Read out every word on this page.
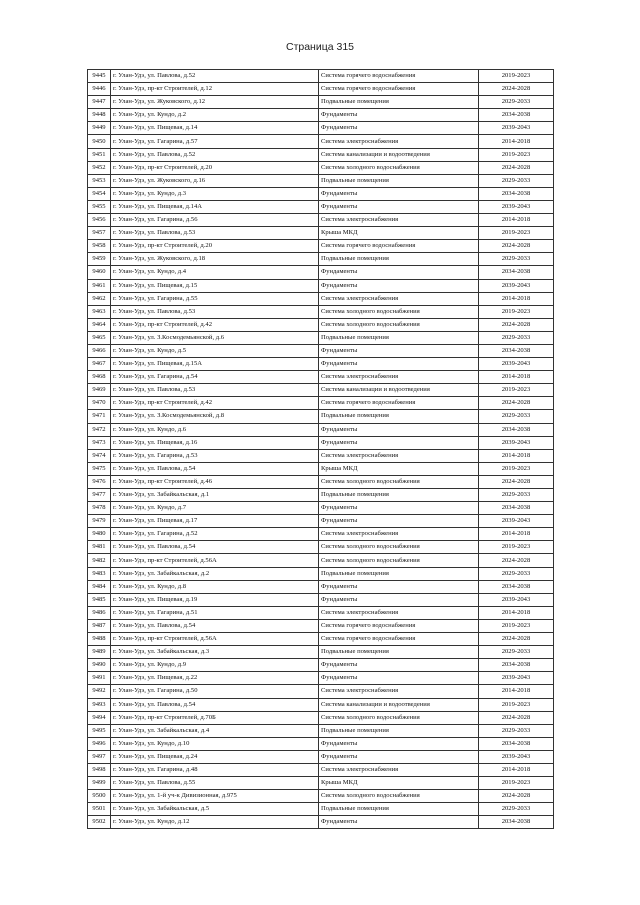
Страница 315
9445	г. Улан-Удэ, ул. Павлова, д.52	Система горячего водоснабжения	2019-2023
9446	г. Улан-Удэ, пр-кт Строителей, д.12	Система горячего водоснабжения	2024-2028
9447	г. Улан-Удэ, ул. Жуковского, д.12	Подвальные помещения	2029-2033
9448	г. Улан-Удэ, ул. Кундо, д.2	Фундаменты	2034-2038
9449	г. Улан-Удэ, ул. Пищевая, д.14	Фундаменты	2039-2043
9450	г. Улан-Удэ, ул. Гагарина, д.57	Система электроснабжения	2014-2018
9451	г. Улан-Удэ, ул. Павлова, д.52	Система канализации и водоотведения	2019-2023
9452	г. Улан-Удэ, пр-кт Строителей, д.20	Система холодного водоснабжения	2024-2028
9453	г. Улан-Удэ, ул. Жуковского, д.16	Подвальные помещения	2029-2033
9454	г. Улан-Удэ, ул. Кундо, д.3	Фундаменты	2034-2038
9455	г. Улан-Удэ, ул. Пищевая, д.14А	Фундаменты	2039-2043
9456	г. Улан-Удэ, ул. Гагарина, д.56	Система электроснабжения	2014-2018
9457	г. Улан-Удэ, ул. Павлова, д.53	Крыша МКД	2019-2023
9458	г. Улан-Удэ, пр-кт Строителей, д.20	Система горячего водоснабжения	2024-2028
9459	г. Улан-Удэ, ул. Жуковского, д.18	Подвальные помещения	2029-2033
9460	г. Улан-Удэ, ул. Кундо, д.4	Фундаменты	2034-2038
9461	г. Улан-Удэ, ул. Пищевая, д.15	Фундаменты	2039-2043
9462	г. Улан-Удэ, ул. Гагарина, д.55	Система электроснабжения	2014-2018
9463	г. Улан-Удэ, ул. Павлова, д.53	Система холодного водоснабжения	2019-2023
9464	г. Улан-Удэ, пр-кт Строителей, д.42	Система холодного водоснабжения	2024-2028
9465	г. Улан-Удэ, ул. З.Космодемьянской, д.6	Подвальные помещения	2029-2033
9466	г. Улан-Удэ, ул. Кундо, д.5	Фундаменты	2034-2038
9467	г. Улан-Удэ, ул. Пищевая, д.15А	Фундаменты	2039-2043
9468	г. Улан-Удэ, ул. Гагарина, д.54	Система электроснабжения	2014-2018
9469	г. Улан-Удэ, ул. Павлова, д.53	Система канализации и водоотведения	2019-2023
9470	г. Улан-Удэ, пр-кт Строителей, д.42	Система горячего водоснабжения	2024-2028
9471	г. Улан-Удэ, ул. З.Космодемьянской, д.8	Подвальные помещения	2029-2033
9472	г. Улан-Удэ, ул. Кундо, д.6	Фундаменты	2034-2038
9473	г. Улан-Удэ, ул. Пищевая, д.16	Фундаменты	2039-2043
9474	г. Улан-Удэ, ул. Гагарина, д.53	Система электроснабжения	2014-2018
9475	г. Улан-Удэ, ул. Павлова, д.54	Крыша МКД	2019-2023
9476	г. Улан-Удэ, пр-кт Строителей, д.46	Система холодного водоснабжения	2024-2028
9477	г. Улан-Удэ, ул. Забайкальская, д.1	Подвальные помещения	2029-2033
9478	г. Улан-Удэ, ул. Кундо, д.7	Фундаменты	2034-2038
9479	г. Улан-Удэ, ул. Пищевая, д.17	Фундаменты	2039-2043
9480	г. Улан-Удэ, ул. Гагарина, д.52	Система электроснабжения	2014-2018
9481	г. Улан-Удэ, ул. Павлова, д.54	Система холодного водоснабжения	2019-2023
9482	г. Улан-Удэ, пр-кт Строителей, д.56А	Система холодного водоснабжения	2024-2028
9483	г. Улан-Удэ, ул. Забайкальская, д.2	Подвальные помещения	2029-2033
9484	г. Улан-Удэ, ул. Кундо, д.8	Фундаменты	2034-2038
9485	г. Улан-Удэ, ул. Пищевая, д.19	Фундаменты	2039-2043
9486	г. Улан-Удэ, ул. Гагарина, д.51	Система электроснабжения	2014-2018
9487	г. Улан-Удэ, ул. Павлова, д.54	Система горячего водоснабжения	2019-2023
9488	г. Улан-Удэ, пр-кт Строителей, д.56А	Система горячего водоснабжения	2024-2028
9489	г. Улан-Удэ, ул. Забайкальская, д.3	Подвальные помещения	2029-2033
9490	г. Улан-Удэ, ул. Кундо, д.9	Фундаменты	2034-2038
9491	г. Улан-Удэ, ул. Пищевая, д.22	Фундаменты	2039-2043
9492	г. Улан-Удэ, ул. Гагарина, д.50	Система электроснабжения	2014-2018
9493	г. Улан-Удэ, ул. Павлова, д.54	Система канализации и водоотведения	2019-2023
9494	г. Улан-Удэ, пр-кт Строителей, д.70Б	Система холодного водоснабжения	2024-2028
9495	г. Улан-Удэ, ул. Забайкальская, д.4	Подвальные помещения	2029-2033
9496	г. Улан-Удэ, ул. Кундо, д.10	Фундаменты	2034-2038
9497	г. Улан-Удэ, ул. Пищевая, д.24	Фундаменты	2039-2043
9498	г. Улан-Удэ, ул. Гагарина, д.48	Система электроснабжения	2014-2018
9499	г. Улан-Удэ, ул. Павлова, д.55	Крыша МКД	2019-2023
9500	г. Улан-Удэ, ул. 1-й уч-к Дивизионная, д.975	Система холодного водоснабжения	2024-2028
9501	г. Улан-Удэ, ул. Забайкальская, д.5	Подвальные помещения	2029-2033
9502	г. Улан-Удэ, ул. Кундо, д.12	Фундаменты	2034-2038
